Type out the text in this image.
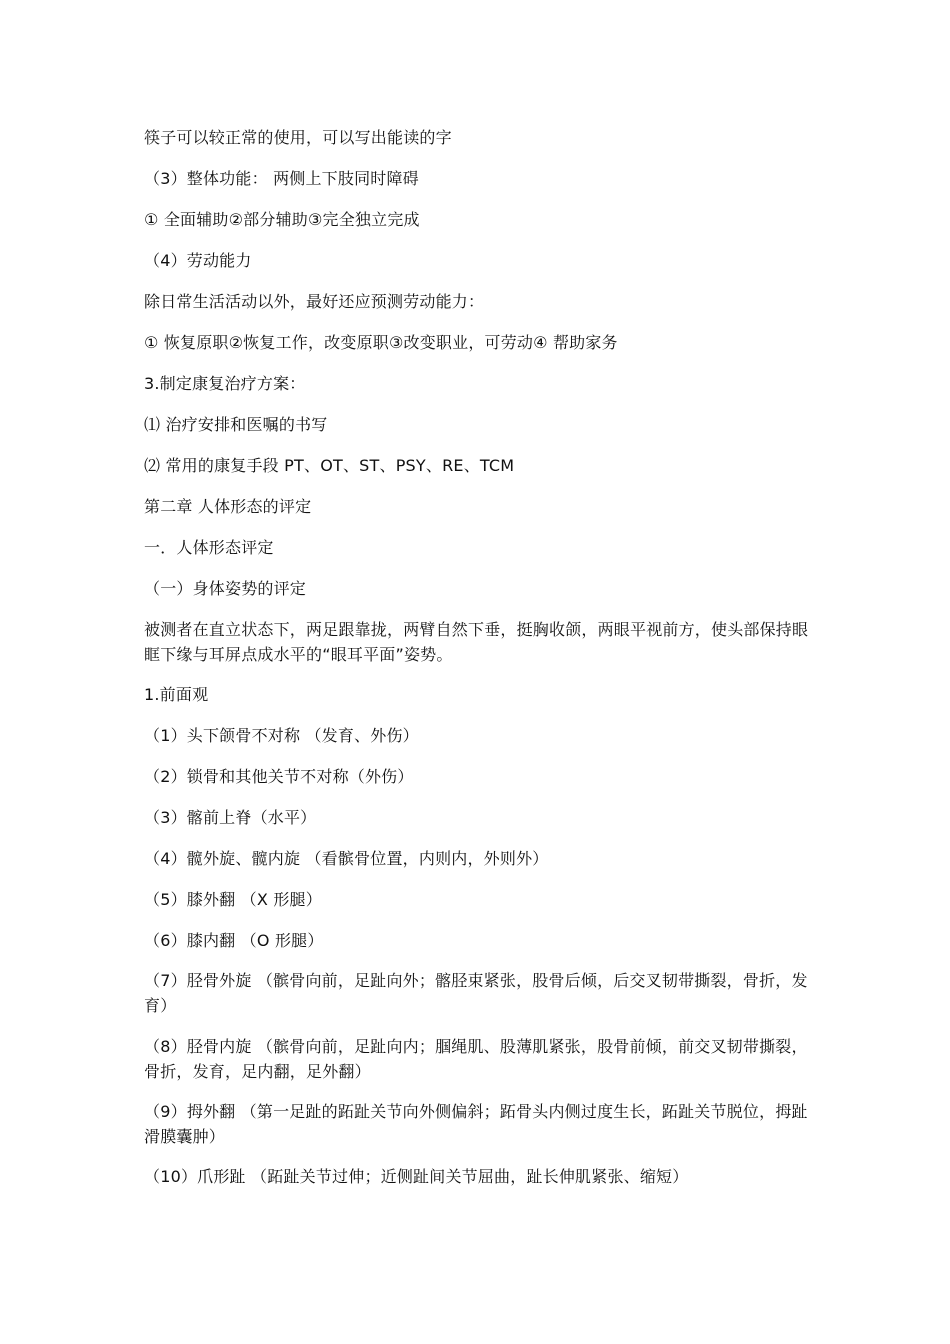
筷子可以较正常的使用，可以写出能读的字
（3）整体功能： 两侧上下肢同时障碍
① 全面辅助②部分辅助③完全独立完成
（4）劳动能力
除日常生活活动以外，最好还应预测劳动能力：
① 恢复原职②恢复工作，改变原职③改变职业，可劳动④ 帮助家务
3.制定康复治疗方案：
⑴ 治疗安排和医嘱的书写
⑵ 常用的康复手段 PT、OT、ST、PSY、RE、TCM
第二章 人体形态的评定
一．人体形态评定
（一）身体姿势的评定
被测者在直立状态下，两足跟靠拢，两臂自然下垂，挺胸收颌，两眼平视前方，使头部保持眼眶下缘与耳屏点成水平的“眼耳平面”姿势。
1.前面观
（1）头下颌骨不对称 （发育、外伤）
（2）锁骨和其他关节不对称（外伤）
（3）髂前上脊（水平）
（4）髋外旋、髋内旋 （看髌骨位置，内则内，外则外）
（5）膝外翻 （X 形腿）
（6）膝内翻 （O 形腿）
（7）胫骨外旋 （髌骨向前，足趾向外；髂胫束紧张，股骨后倾，后交叉韧带撕裂，骨折，发育）
（8）胫骨内旋 （髌骨向前，足趾向内；腘绳肌、股薄肌紧张，股骨前倾，前交叉韧带撕裂，骨折，发育，足内翻，足外翻）
（9）拇外翻 （第一足趾的跖趾关节向外侧偏斜；跖骨头内侧过度生长，跖趾关节脱位，拇趾滑膜囊肿）
（10）爪形趾 （跖趾关节过伸；近侧趾间关节屈曲，趾长伸肌紧张、缩短）
